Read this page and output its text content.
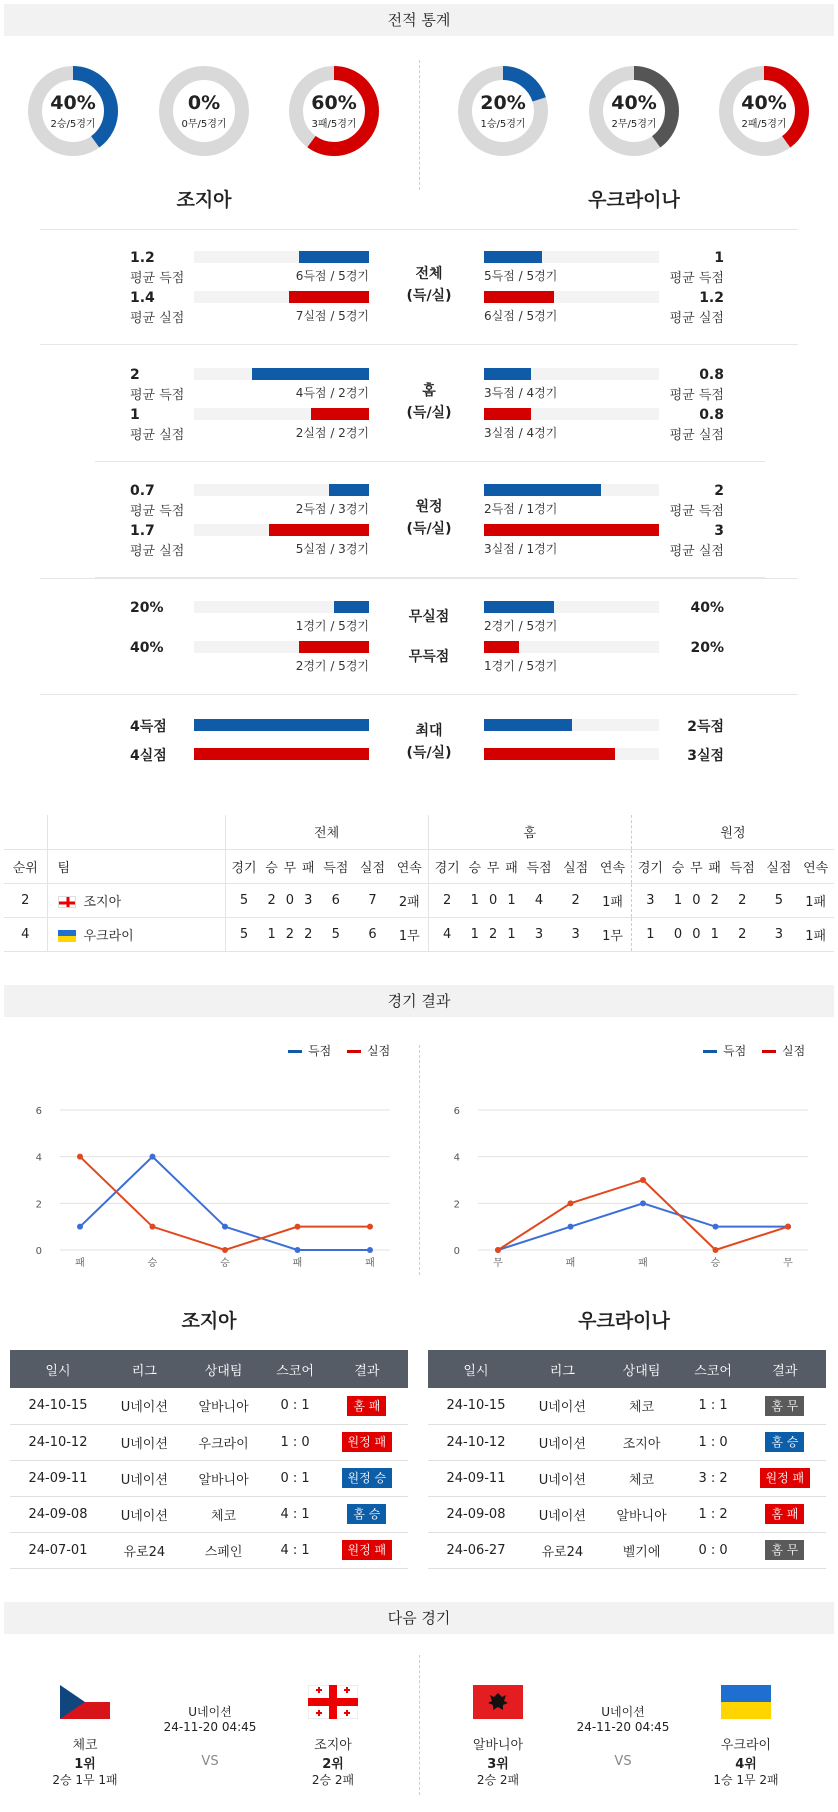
전적 통계
40%
2승/5경기
0%
0무/5경기
60%
3패/5경기
20%
1승/5경기
40%
2무/5경기
40%
2패/5경기
조지아	우크라이나
1.2
평균 득점	6득점 / 5경기
1
평균 득점
5득점 / 5경기
1.4
평균 실점	7실점 / 5경기
1.2
평균 실점
6실점 / 5경기
전체
(득/실)
2
평균 득점	4득점 / 2경기
0.8
평균 득점
3득점 / 4경기
1
평균 실점	2실점 / 2경기
0.8
평균 실점
3실점 / 4경기
홈
(득/실)
0.7
평균 득점	2득점 / 3경기
2
평균 득점
2득점 / 1경기
1.7
평균 실점	5실점 / 3경기
3
평균 실점
3실점 / 1경기
원정
(득/실)
20%
1경기 / 5경기
40%
2경기 / 5경기
무실점
40%
2경기 / 5경기
20%
1경기 / 5경기
무득점
4득점	2득점
4실점	3실점
최대
(득/실)
		전체							홈							원정						
순위	팀	경기	승	무	패	득점	실점	연속	경기	승	무	패	득점	실점	연속	경기	승	무	패	득점	실점	연속
2	조지아	5	2	0	3	6	7	2패	2	1	0	1	4	2	1패	3	1	0	2	2	5	1패
4	우크라이	5	1	2	2	5	6	1무	4	1	2	1	3	3	1무	1	0	0	1	2	3	1패
경기 결과
득점	실점	득점	실점
0
2
4
6
패	승	승	패	패
0
2
4
6
무	패	패	승	무
조지아	우크라이나
일시	리그	상대팀	스코어	결과
24-10-15	U네이션	알바니아	0 : 1	홈 패
24-10-12	U네이션	우크라이	1 : 0	원정 패
24-09-11	U네이션	알바니아	0 : 1	원정 승
24-09-08	U네이션	체코	4 : 1	홈 승
24-07-01	유로24	스페인	4 : 1	원정 패
일시	리그	상대팀	스코어	결과
24-10-15	U네이션	체코	1 : 1	홈 무
24-10-12	U네이션	조지아	1 : 0	홈 승
24-09-11	U네이션	체코	3 : 2	원정 패
24-09-08	U네이션	알바니아	1 : 2	홈 패
24-06-27	유로24	벨기에	0 : 0	홈 무
다음 경기
체코
1위
2승 1무 1패
U네이션
24-11-20 04:45
VS
조지아
2위
2승 2패
알바니아
3위
2승 2패
U네이션
24-11-20 04:45
VS
우크라이
4위
1승 1무 2패
